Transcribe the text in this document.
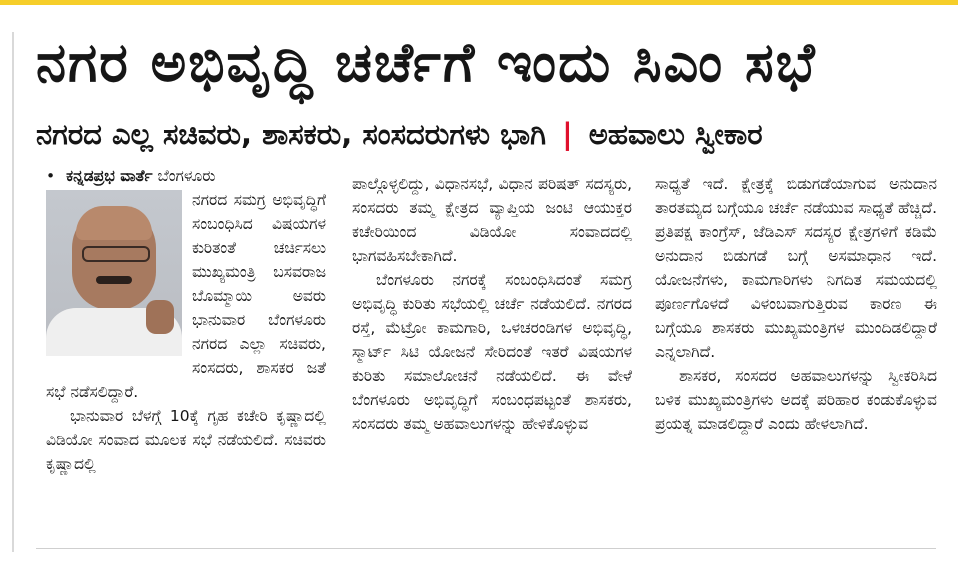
ನಗರ ಅಭಿವೃದ್ಧಿ ಚರ್ಚೆಗೆ ಇಂದು ಸಿಎಂ ಸಭೆ
ನಗರದ ಎಲ್ಲ ಸಚಿವರು, ಶಾಸಕರು, ಸಂಸದರುಗಳು ಭಾಗಿ | ಅಹವಾಲು ಸ್ವೀಕಾರ

• ಕನ್ನಡಪ್ರಭ ವಾರ್ತೆ ಬೆಂಗಳೂರು

ನಗರದ ಸಮಗ್ರ ಅಭಿವೃದ್ಧಿಗೆ ಸಂಬಂಧಿಸಿದ ವಿಷಯಗಳ ಕುರಿತಂತೆ ಚರ್ಚಿಸಲು ಮುಖ್ಯಮಂತ್ರಿ ಬಸವರಾಜ ಬೊಮ್ಮಾಯಿ ಅವರು ಭಾನುವಾರ ಬೆಂಗಳೂರು ನಗರದ ಎಲ್ಲಾ ಸಚಿವರು, ಸಂಸದರು, ಶಾಸಕರ ಜತೆ ಸಭೆ ನಡೆಸಲಿದ್ದಾರೆ.

ಭಾನುವಾರ ಬೆಳಗ್ಗೆ 10ಕ್ಕೆ ಗೃಹ ಕಚೇರಿ ಕೃಷ್ಣಾದಲ್ಲಿ ವಿಡಿಯೋ ಸಂವಾದ ಮೂಲಕ ಸಭೆ ನಡೆಯಲಿದೆ. ಸಚಿವರು ಕೃಷ್ಣಾದಲ್ಲಿ

ಪಾಲ್ಗೊಳ್ಳಲಿದ್ದು, ವಿಧಾನಸಭೆ, ವಿಧಾನ ಪರಿಷತ್ ಸದಸ್ಯರು, ಸಂಸದರು ತಮ್ಮ ಕ್ಷೇತ್ರದ ವ್ಯಾಪ್ತಿಯ ಜಂಟಿ ಆಯುಕ್ತರ ಕಚೇರಿಯಿಂದ ವಿಡಿಯೋ ಸಂವಾದದಲ್ಲಿ ಭಾಗವಹಿಸಬೇಕಾಗಿದೆ.

ಬೆಂಗಳೂರು ನಗರಕ್ಕೆ ಸಂಬಂಧಿಸಿದಂತೆ ಸಮಗ್ರ ಅಭಿವೃದ್ಧಿ ಕುರಿತು ಸಭೆಯಲ್ಲಿ ಚರ್ಚೆ ನಡೆಯಲಿದೆ. ನಗರದ ರಸ್ತೆ, ಮೆಟ್ರೋ ಕಾಮಗಾರಿ, ಒಳಚರಂಡಿಗಳ ಅಭಿವೃದ್ಧಿ, ಸ್ಮಾರ್ಟ್ ಸಿಟಿ ಯೋಜನೆ ಸೇರಿದಂತೆ ಇತರೆ ವಿಷಯಗಳ ಕುರಿತು ಸಮಾಲೋಚನೆ ನಡೆಯಲಿದೆ. ಈ ವೇಳೆ ಬೆಂಗಳೂರು ಅಭಿವೃದ್ಧಿಗೆ ಸಂಬಂಧಪಟ್ಟಂತೆ ಶಾಸಕರು, ಸಂಸದರು ತಮ್ಮ ಅಹವಾಲುಗಳನ್ನು ಹೇಳಿಕೊಳ್ಳುವ

ಸಾಧ್ಯತೆ ಇದೆ. ಕ್ಷೇತ್ರಕ್ಕೆ ಬಿಡುಗಡೆಯಾಗುವ ಅನುದಾನ ತಾರತಮ್ಯದ ಬಗ್ಗೆಯೂ ಚರ್ಚೆ ನಡೆಯುವ ಸಾಧ್ಯತೆ ಹೆಚ್ಚಿದೆ. ಪ್ರತಿಪಕ್ಷ ಕಾಂಗ್ರೆಸ್, ಜೆಡಿಎಸ್ ಸದಸ್ಯರ ಕ್ಷೇತ್ರಗಳಿಗೆ ಕಡಿಮೆ ಅನುದಾನ ಬಿಡುಗಡೆ ಬಗ್ಗೆ ಅಸಮಾಧಾನ ಇದೆ. ಯೋಜನೆಗಳು, ಕಾಮಗಾರಿಗಳು ನಿಗದಿತ ಸಮಯದಲ್ಲಿ ಪೂರ್ಣಗೊಳದೆ ವಿಳಂಬವಾಗುತ್ತಿರುವ ಕಾರಣ ಈ ಬಗ್ಗೆಯೂ ಶಾಸಕರು ಮುಖ್ಯಮಂತ್ರಿಗಳ ಮುಂದಿಡಲಿದ್ದಾರೆ ಎನ್ನಲಾಗಿದೆ.

ಶಾಸಕರ, ಸಂಸದರ ಅಹವಾಲುಗಳನ್ನು ಸ್ವೀಕರಿಸಿದ ಬಳಿಕ ಮುಖ್ಯಮಂತ್ರಿಗಳು ಅದಕ್ಕೆ ಪರಿಹಾರ ಕಂಡುಕೊಳ್ಳುವ ಪ್ರಯತ್ನ ಮಾಡಲಿದ್ದಾರೆ ಎಂದು ಹೇಳಲಾಗಿದೆ.
